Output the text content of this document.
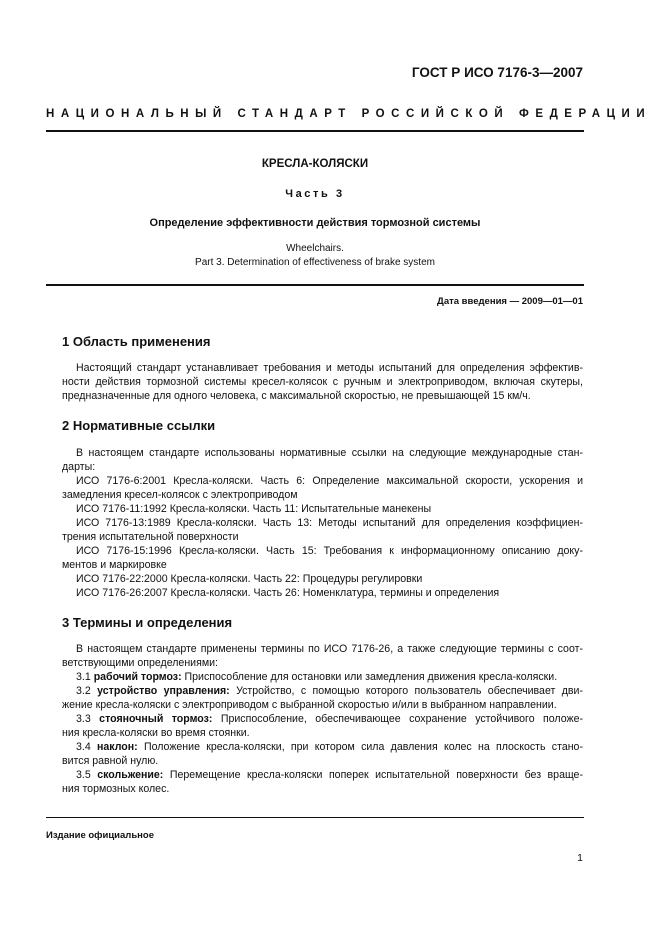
ГОСТ Р ИСО 7176-3—2007
НАЦИОНАЛЬНЫЙ СТАНДАРТ РОССИЙСКОЙ ФЕДЕРАЦИИ
КРЕСЛА-КОЛЯСКИ
Часть 3
Определение эффективности действия тормозной системы
Wheelchairs.
Part 3. Determination of effectiveness of brake system
Дата введения — 2009—01—01
1 Область применения
Настоящий стандарт устанавливает требования и методы испытаний для определения эффектив-
ности действия тормозной системы кресел-колясок с ручным и электроприводом, включая скутеры,
предназначенные для одного человека, с максимальной скоростью, не превышающей 15 км/ч.
2 Нормативные ссылки
В настоящем стандарте использованы нормативные ссылки на следующие международные стан-
дарты:
ИСО 7176-6:2001 Кресла-коляски. Часть 6: Определение максимальной скорости, ускорения и
замедления кресел-колясок с электроприводом
ИСО 7176-11:1992 Кресла-коляски. Часть 11: Испытательные манекены
ИСО 7176-13:1989 Кресла-коляски. Часть 13: Методы испытаний для определения коэффициен-
трения испытательной поверхности
ИСО 7176-15:1996 Кресла-коляски. Часть 15: Требования к информационному описанию доку-
ментов и маркировке
ИСО 7176-22:2000 Кресла-коляски. Часть 22: Процедуры регулировки
ИСО 7176-26:2007 Кресла-коляски. Часть 26: Номенклатура, термины и определения
3 Термины и определения
В настоящем стандарте применены термины по ИСО 7176-26, а также следующие термины с соот-
ветствующими определениями:
3.1 рабочий тормоз: Приспособление для остановки или замедления движения кресла-коляски.
3.2 устройство управления: Устройство, с помощью которого пользователь обеспечивает дви-
жение кресла-коляски с электроприводом с выбранной скоростью и/или в выбранном направлении.
3.3 стояночный тормоз: Приспособление, обеспечивающее сохранение устойчивого положе-
ния кресла-коляски во время стоянки.
3.4 наклон: Положение кресла-коляски, при котором сила давления колес на плоскость стано-
вится равной нулю.
3.5 скольжение: Перемещение кресла-коляски поперек испытательной поверхности без враще-
ния тормозных колес.
Издание официальное
1
